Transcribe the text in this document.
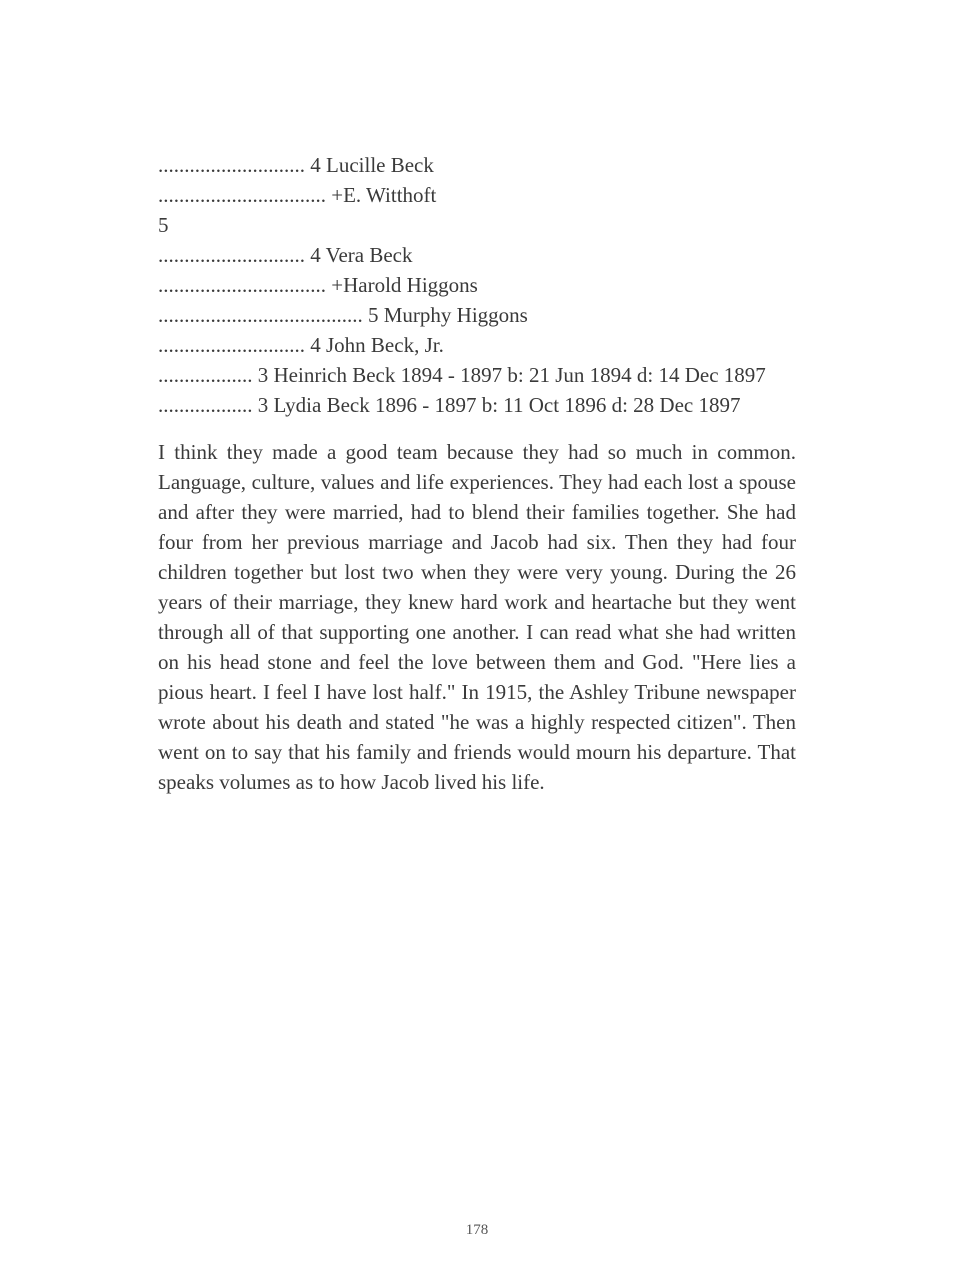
............................ 4 Lucille Beck
................................ +E. Witthoft
5
............................ 4 Vera Beck
................................ +Harold Higgons
....................................... 5 Murphy Higgons
............................ 4 John Beck, Jr.
.................. 3 Heinrich Beck 1894 - 1897 b: 21 Jun 1894 d: 14 Dec 1897
.................. 3 Lydia Beck 1896 - 1897 b: 11 Oct 1896 d: 28 Dec 1897

I think they made a good team because they had so much in common. Language, culture, values and life experiences. They had each lost a spouse and after they were married, had to blend their families together. She had four from her previous marriage and Jacob had six. Then they had four children together but lost two when they were very young. During the 26 years of their marriage, they knew hard work and heartache but they went through all of that supporting one another. I can read what she had written on his head stone and feel the love between them and God. "Here lies a pious heart. I feel I have lost half." In 1915, the Ashley Tribune newspaper wrote about his death and stated "he was a highly respected citizen". Then went on to say that his family and friends would mourn his departure. That speaks volumes as to how Jacob lived his life.

178
